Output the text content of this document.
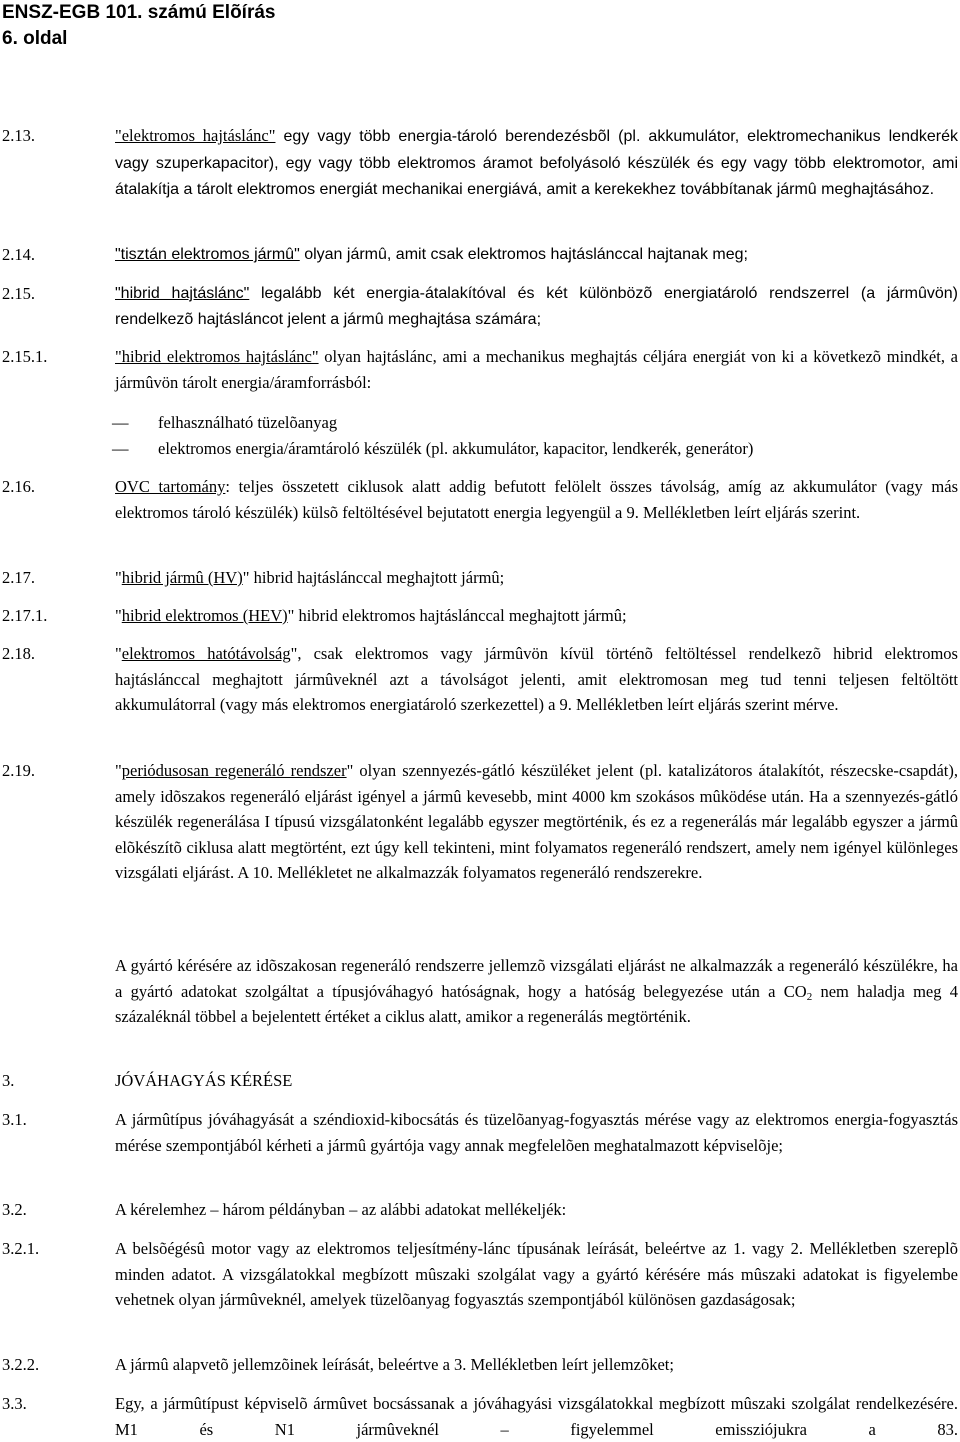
ENSZ-EGB 101. számú Elõírás
6. oldal
2.13.	"elektromos hajtáslánc" egy vagy több energia-tároló berendezésbõl (pl. akkumulátor, elektromechanikus lendkerék vagy szuperkapacitor), egy vagy több elektromos áramot befolyásoló készülék és egy vagy több elektromotor, ami átalakítja a tárolt elektromos energiát mechanikai energiává, amit a kerekekhez továbbítanak jármû meghajtásához.
2.14.	"tisztán elektromos jármû" olyan jármû, amit csak elektromos hajtáslánccal hajtanak meg;
2.15.	"hibrid hajtáslánc" legalább két energia-átalakítóval és két különbözõ energiatároló rendszerrel (a jármûvön) rendelkezõ hajtásláncot jelent a jármû meghajtása számára;
2.15.1.	"hibrid elektromos hajtáslánc" olyan hajtáslánc, ami a mechanikus meghajtás céljára energiát von ki a következõ mindkét, a jármûvön tárolt energia/áramforrásból:
— felhasználható tüzelõanyag
— elektromos energia/áramtároló készülék (pl. akkumulátor, kapacitor, lendkerék, generátor)
2.16.	OVC tartomány: teljes összetett ciklusok alatt addig befutott felölelt összes távolság, amíg az akkumulátor (vagy más elektromos tároló készülék) külsõ feltöltésével bejutatott energia legyengül a 9. Mellékletben leírt eljárás szerint.
2.17.	"hibrid jármû (HV)" hibrid hajtáslánccal meghajtott jármû;
2.17.1.	"hibrid elektromos (HEV)" hibrid elektromos hajtáslánccal meghajtott jármû;
2.18.	"elektromos hatótávolság", csak elektromos vagy jármûvön kívül történõ feltöltéssel rendelkezõ hibrid elektromos hajtáslánccal meghajtott jármûveknél azt a távolságot jelenti, amit elektromosan meg tud tenni teljesen feltöltött akkumulátorral (vagy más elektromos energiatároló szerkezettel) a 9. Mellékletben leírt eljárás szerint mérve.
2.19.	"periódusosan regeneráló rendszer" olyan szennyezés-gátló készüléket jelent (pl. katalizátoros átalakítót, részecske-csapdát), amely idõszakos regeneráló eljárást igényel a jármû kevesebb, mint 4000 km szokásos mûködése után. Ha a szennyezés-gátló készülék regenerálása I típusú vizsgálatonként legalább egyszer megtörténik, és ez a regenerálás már legalább egyszer a jármû elõkészítõ ciklusa alatt megtörtént, ezt úgy kell tekinteni, mint folyamatos regeneráló rendszert, amely nem igényel különleges vizsgálati eljárást. A 10. Mellékletet ne alkalmazzák folyamatos regeneráló rendszerekre.
A gyártó kérésére az idõszakosan regeneráló rendszerre jellemzõ vizsgálati eljárást ne alkalmazzák a regeneráló készülékre, ha a gyártó adatokat szolgáltat a típusjóváhagyó hatóságnak, hogy a hatóság belegyezése után a $CO_2$ nem haladja meg 4 százaléknál többel a bejelentett értéket a ciklus alatt, amikor a regenerálás megtörténik.
3.	JÓVÁHAGYÁS KÉRÉSE
3.1.	A jármûtípus jóváhagyását a széndioxid-kibocsátás és tüzelõanyag-fogyasztás mérése vagy az elektromos energia-fogyasztás mérése szempontjából kérheti a jármû gyártója vagy annak megfelelõen meghatalmazott képviselõje;
3.2.	A kérelemhez – három példányban – az alábbi adatokat mellékeljék:
3.2.1.	A belsõégésû motor vagy az elektromos teljesítmény-lánc típusának leírását, beleértve az 1. vagy 2. Mellékletben szereplõ minden adatot. A vizsgálatokkal megbízott mûszaki szolgálat vagy a gyártó kérésére más mûszaki adatokat is figyelembe vehetnek olyan jármûveknél, amelyek tüzelõanyag fogyasztás szempontjából különösen gazdaságosak;
3.2.2.	A jármû alapvetõ jellemzõinek leírását, beleértve a 3. Mellékletben leírt jellemzõket;
3.3.	Egy, a jármûtípust képviselõ ármûvet bocsássanak a jóváhagyási vizsgálatokkal megbízott mûszaki szolgálat rendelkezésére. M1 és N1 jármûveknél – figyelemmel emissziójukra a 83.
